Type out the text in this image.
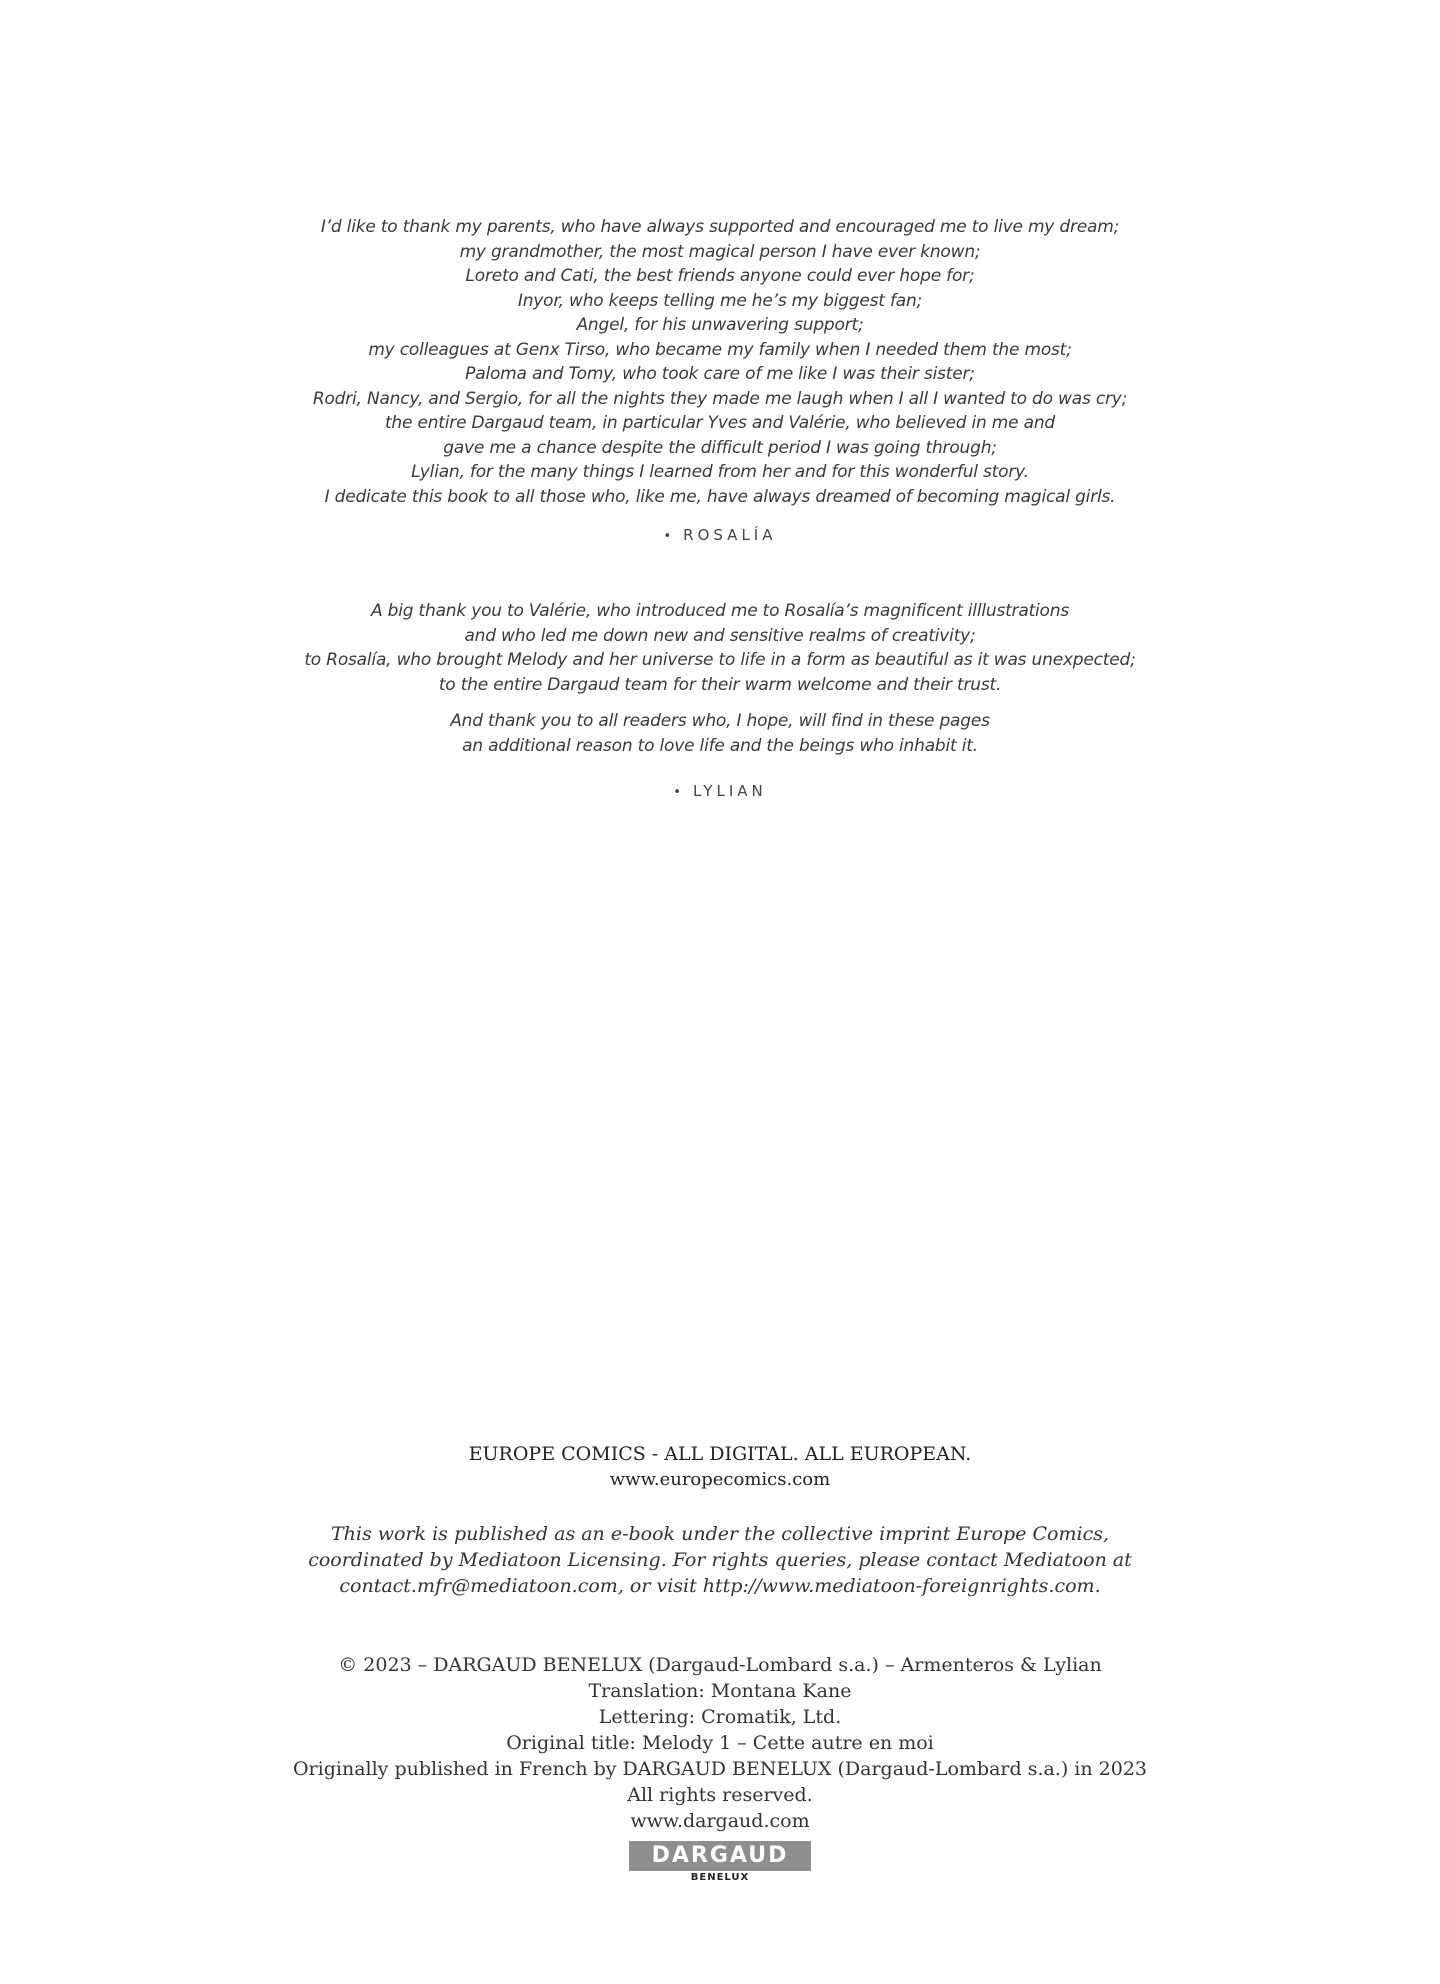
I’d like to thank my parents, who have always supported and encouraged me to live my dream;
my grandmother, the most magical person I have ever known;
Loreto and Cati, the best friends anyone could ever hope for;
Inyor, who keeps telling me he’s my biggest fan;
Angel, for his unwavering support;
my colleagues at Genx Tirso, who became my family when I needed them the most;
Paloma and Tomy, who took care of me like I was their sister;
Rodri, Nancy, and Sergio, for all the nights they made me laugh when I all I wanted to do was cry;
the entire Dargaud team, in particular Yves and Valérie, who believed in me and
gave me a chance despite the difficult period I was going through;
Lylian, for the many things I learned from her and for this wonderful story.
I dedicate this book to all those who, like me, have always dreamed of becoming magical girls.
• ROSALÍA
A big thank you to Valérie, who introduced me to Rosalía’s magnificent illlustrations
and who led me down new and sensitive realms of creativity;
to Rosalía, who brought Melody and her universe to life in a form as beautiful as it was unexpected;
to the entire Dargaud team for their warm welcome and their trust.
And thank you to all readers who, I hope, will find in these pages
an additional reason to love life and the beings who inhabit it.
• LYLIAN
EUROPE COMICS - ALL DIGITAL. ALL EUROPEAN.
www.europecomics.com
This work is published as an e-book under the collective imprint Europe Comics,
coordinated by Mediatoon Licensing. For rights queries, please contact Mediatoon at
contact.mfr@mediatoon.com, or visit http://www.mediatoon-foreignrights.com.
© 2023 – DARGAUD BENELUX (Dargaud-Lombard s.a.) – Armenteros & Lylian
Translation: Montana Kane
Lettering: Cromatik, Ltd.
Original title: Melody 1 – Cette autre en moi
Originally published in French by DARGAUD BENELUX (Dargaud-Lombard s.a.) in 2023
All rights reserved.
www.dargaud.com
DARGAUD
BENELUX
